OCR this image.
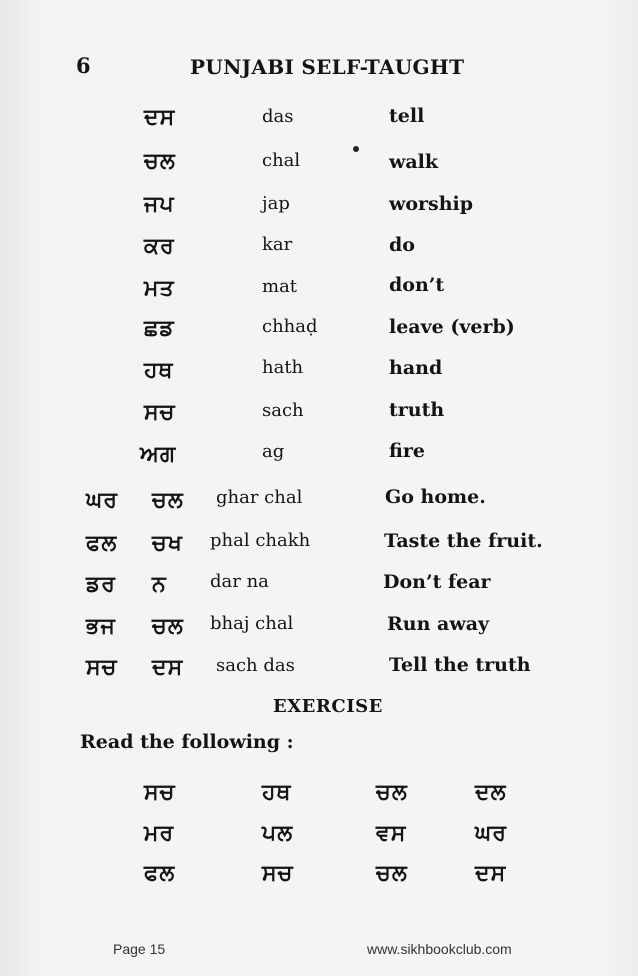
6	PUNJABI SELF-TAUGHT
ਦਸ	das	tell
ਚਲ	chal	walk
ਜਪ	jap	worship
ਕਰ	kar	do
ਮਤ	mat	don’t
ਛਡ	chhaḍ	leave (verb)
ਹਥ	hath	hand
ਸਚ	sach	truth
ਅਗ	ag	fire
ਘਰ ਚਲ ghar chal	Go home.
ਫਲ ਚਖ phal chakh	Taste the fruit.
ਡਰ ਨ dar na	Don’t fear
ਭਜ ਚਲ bhaj chal	Run away
ਸਚ ਦਸ sach das	Tell the truth
EXERCISE
Read the following :
ਸਚ	ਹਥ	ਚਲ	ਦਲ
ਮਰ	ਪਲ	ਵਸ	ਘਰ
ਫਲ	ਸਚ	ਚਲ	ਦਸ
Page 15	www.sikhbookclub.com
